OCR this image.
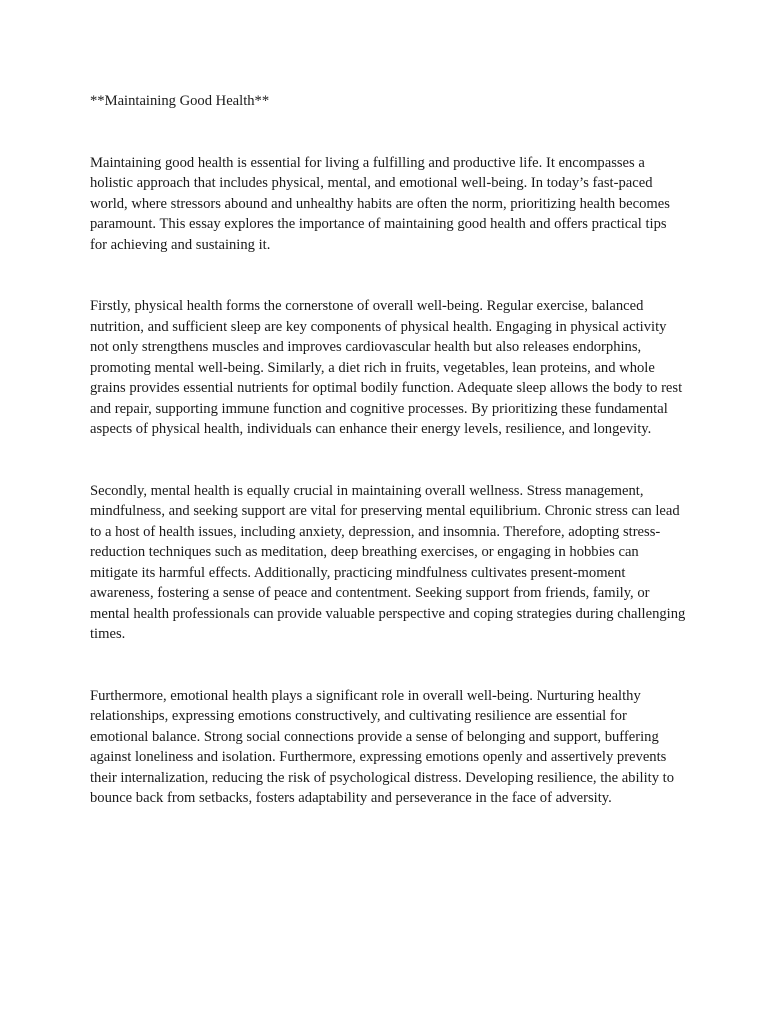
**Maintaining Good Health**

Maintaining good health is essential for living a fulfilling and productive life. It encompasses a holistic approach that includes physical, mental, and emotional well-being. In today’s fast-paced world, where stressors abound and unhealthy habits are often the norm, prioritizing health becomes paramount. This essay explores the importance of maintaining good health and offers practical tips for achieving and sustaining it.

Firstly, physical health forms the cornerstone of overall well-being. Regular exercise, balanced nutrition, and sufficient sleep are key components of physical health. Engaging in physical activity not only strengthens muscles and improves cardiovascular health but also releases endorphins, promoting mental well-being. Similarly, a diet rich in fruits, vegetables, lean proteins, and whole grains provides essential nutrients for optimal bodily function. Adequate sleep allows the body to rest and repair, supporting immune function and cognitive processes. By prioritizing these fundamental aspects of physical health, individuals can enhance their energy levels, resilience, and longevity.

Secondly, mental health is equally crucial in maintaining overall wellness. Stress management, mindfulness, and seeking support are vital for preserving mental equilibrium. Chronic stress can lead to a host of health issues, including anxiety, depression, and insomnia. Therefore, adopting stress-reduction techniques such as meditation, deep breathing exercises, or engaging in hobbies can mitigate its harmful effects. Additionally, practicing mindfulness cultivates present-moment awareness, fostering a sense of peace and contentment. Seeking support from friends, family, or mental health professionals can provide valuable perspective and coping strategies during challenging times.

Furthermore, emotional health plays a significant role in overall well-being. Nurturing healthy relationships, expressing emotions constructively, and cultivating resilience are essential for emotional balance. Strong social connections provide a sense of belonging and support, buffering against loneliness and isolation. Furthermore, expressing emotions openly and assertively prevents their internalization, reducing the risk of psychological distress. Developing resilience, the ability to bounce back from setbacks, fosters adaptability and perseverance in the face of adversity.
